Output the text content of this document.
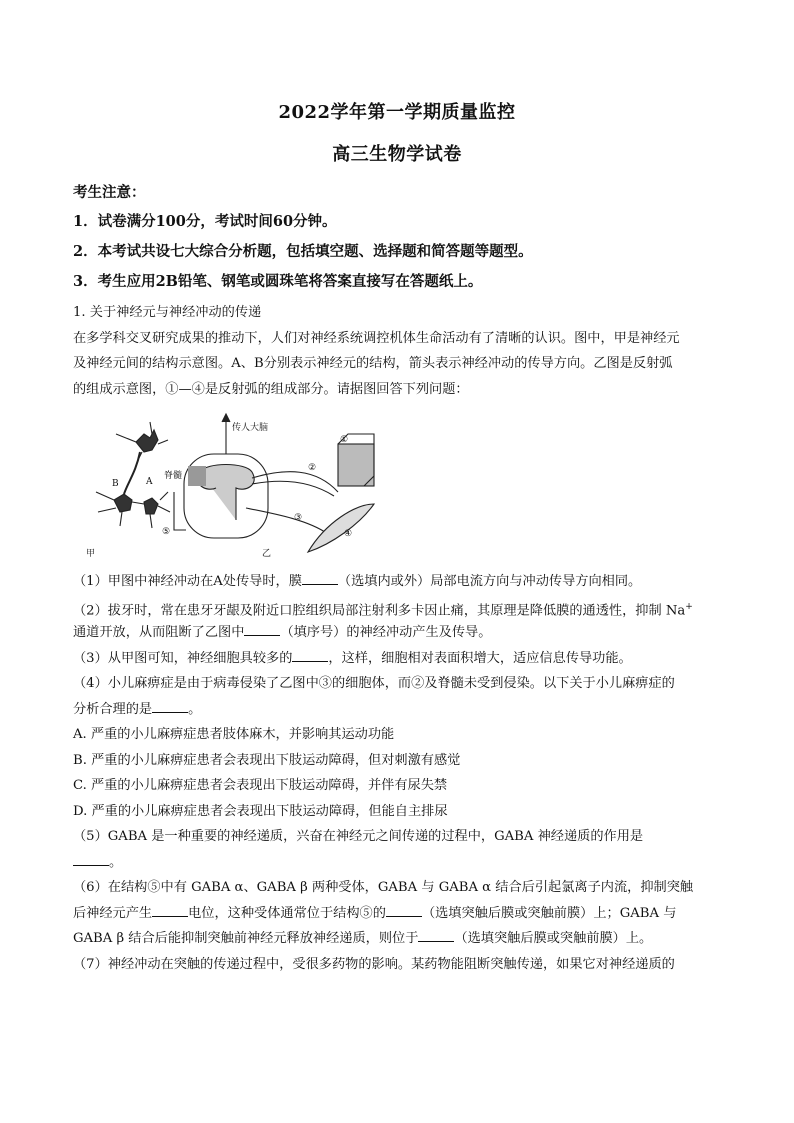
2022学年第一学期质量监控
高三生物学试卷
考生注意：
1．试卷满分100分，考试时间60分钟。
2．本考试共设七大综合分析题，包括填空题、选择题和简答题等题型。
3．考生应用2B铅笔、钢笔或圆珠笔将答案直接写在答题纸上。
1. 关于神经元与神经冲动的传递
在多学科交叉研究成果的推动下，人们对神经系统调控机体生命活动有了清晰的认识。图中，甲是神经元
及神经元间的结构示意图。A、B分别表示神经元的结构，箭头表示神经冲动的传导方向。乙图是反射弧
的组成示意图，①—④是反射弧的组成部分。请据图回答下列问题：
传人大脑
脊髓
A
B
甲	乙
①
②
③
④
⑤
（1）甲图中神经冲动在A处传导时，膜	（选填内或外）局部电流方向与冲动传导方向相同。
（2）拔牙时，常在患牙牙龈及附近口腔组织局部注射利多卡因止痛，其原理是降低膜的通透性，抑制 Na+
通道开放，从而阻断了乙图中	（填序号）的神经冲动产生及传导。
（3）从甲图可知，神经细胞具较多的	，这样，细胞相对表面积增大，适应信息传导功能。
（4）小儿麻痹症是由于病毒侵染了乙图中③的细胞体，而②及脊髓未受到侵染。以下关于小儿麻痹症的
分析合理的是	。
A. 严重的小儿麻痹症患者肢体麻木，并影响其运动功能
B. 严重的小儿麻痹症患者会表现出下肢运动障碍，但对刺激有感觉
C. 严重的小儿麻痹症患者会表现出下肢运动障碍，并伴有尿失禁
D. 严重的小儿麻痹症患者会表现出下肢运动障碍，但能自主排尿
（5）GABA 是一种重要的神经递质，兴奋在神经元之间传递的过程中，GABA 神经递质的作用是
。
（6）在结构⑤中有 GABA α、GABA β 两种受体，GABA 与 GABA α 结合后引起氯离子内流，抑制突触
后神经元产生	电位，这种受体通常位于结构⑤的	（选填突触后膜或突触前膜）上；GABA 与
GABA β 结合后能抑制突触前神经元释放神经递质，则位于	（选填突触后膜或突触前膜）上。
（7）神经冲动在突触的传递过程中，受很多药物的影响。某药物能阻断突触传递，如果它对神经递质的
